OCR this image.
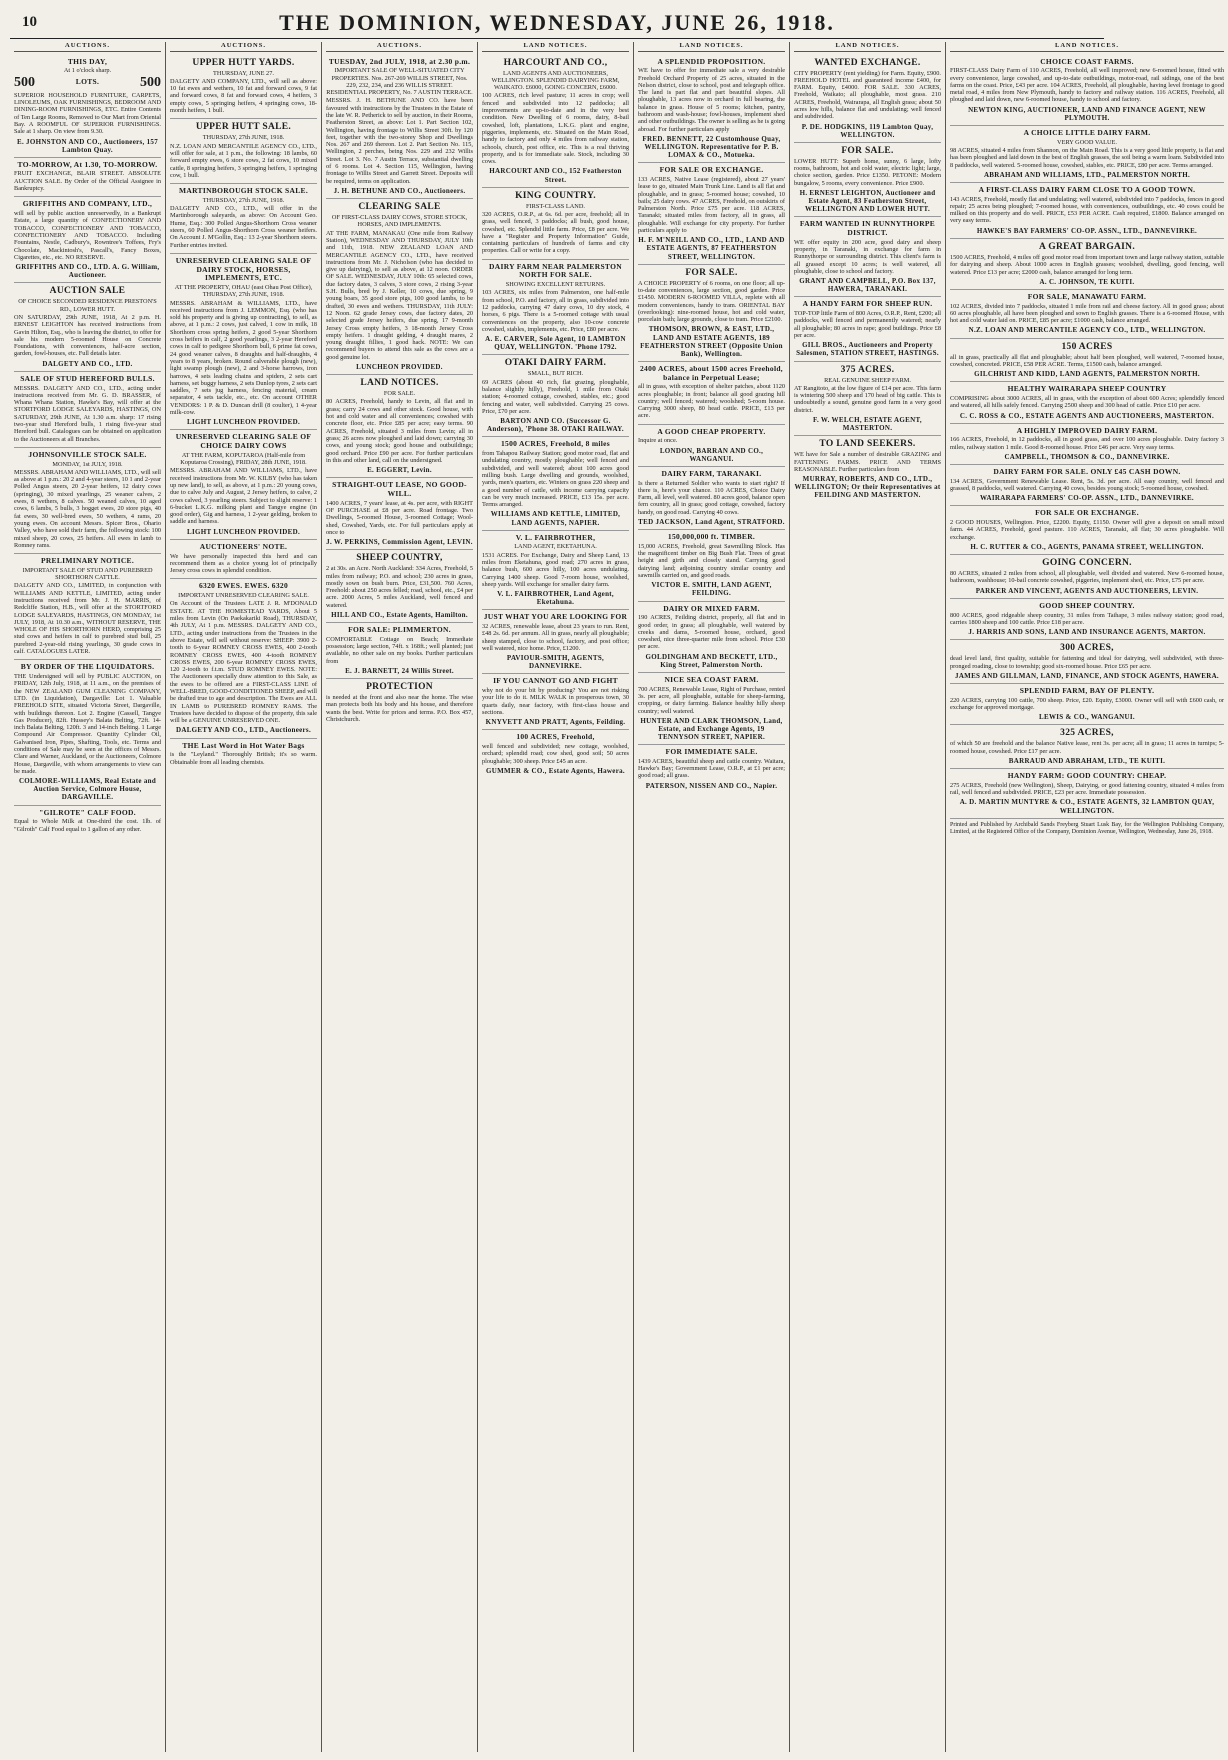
10	THE DOMINION, WEDNESDAY, JUNE 26, 1918.
AUCTIONS.
THIS DAY,
At 1 o'clock sharp.
500	LOTS.	500
SUPERIOR HOUSEHOLD FURNITURE, CARPETS, LINOLEUMS, OAK FURNISHINGS, BEDROOM AND DINING-ROOM FURNISHINGS, ETC. Entire Contents of Ten Large Rooms, Removed to Our Mart from Oriental Bay. A ROOMFUL OF SUPERIOR FURNISHINGS. Sale at 1 sharp. On view from 9.30.
E. JOHNSTON AND CO., Auctioneers, 157 Lambton Quay.
TO-MORROW, At 1.30, TO-MORROW.
FRUIT EXCHANGE, BLAIR STREET. ABSOLUTE AUCTION SALE. By Order of the Official Assignee in Bankruptcy.
GRIFFITHS AND COMPANY, LTD.,
will sell by public auction unreservedly, in a Bankrupt Estate, a large quantity of CONFECTIONERY AND TOBACCO, CONFECTIONERY AND TOBACCO, CONFECTIONERY AND TOBACCO. Including Fountains, Nestle, Cadbury's, Rowntree's Toffees, Fry's Chocolate, Mackintosh's, Pascall's, Fancy Boxes, Cigarettes, etc., etc. NO RESERVE.
GRIFFITHS AND CO., LTD. A. G. William, Auctioneer.
AUCTION SALE
OF CHOICE SECONDED RESIDENCE PRESTON'S RD., LOWER HUTT.
ON SATURDAY, 29th JUNE, 1918, At 2 p.m. H. ERNEST LEIGHTON has received instructions from Gavin Hilton, Esq., who is leaving the district, to offer for sale his modern 5-roomed House on Concrete Foundations, with conveniences, half-acre section, garden, fowl-houses, etc. Full details later.
DALGETY AND CO., LTD.
SALE OF STUD HEREFORD BULLS.
MESSRS. DALGETY AND CO., LTD., acting under instructions received from Mr. G. D. BRASSER, of Whana Whana Station, Hawke's Bay, will offer at the STORTFORD LODGE SALEYARDS, HASTINGS, ON SATURDAY, 29th JUNE, At 1.30 a.m. sharp: 17 rising two-year stud Hereford bulls, 1 rising five-year stud Hereford bull. Catalogues can be obtained on application to the Auctioneers at all Branches.
JOHNSONVILLE STOCK SALE.
MONDAY, 1st JULY, 1918.
MESSRS. ABRAHAM AND WILLIAMS, LTD., will sell as above at 1 p.m.: 20 2 and 4-year steers, 10 1 and 2-year Polled Angus steers, 20 2-year heifers, 12 dairy cows (springing), 30 mixed yearlings, 25 weaner calves, 2 ewes, 8 wethers, 8 calves. 50 weaned calves, 10 aged cows, 6 lambs, 5 bulls, 3 hogget ewes, 20 store pigs, 40 fat ewes, 30 well-bred ewes, 50 wethers, 4 rams, 20 young ewes. On account Messrs. Spicer Bros., Ohario Valley, who have sold their farm, the following stock: 100 mixed sheep, 20 cows, 25 heifers. All ewes in lamb to Romney rams.
PRELIMINARY NOTICE.
IMPORTANT SALE OF STUD AND PUREBRED SHORTHORN CATTLE.
DALGETY AND CO., LIMITED, in conjunction with WILLIAMS AND KETTLE, LIMITED, acting under instructions received from Mr. J. H. MARRIS, of Redcliffe Station, H.B., will offer at the STORTFORD LODGE SALEYARDS, HASTINGS, ON MONDAY, 1st JULY, 1918, At 10.30 a.m., WITHOUT RESERVE, THE WHOLE OF HIS SHORTHORN HERD, comprising 25 stud cows and heifers in calf to purebred stud bull, 25 purebred 2-year-old rising yearlings, 30 grade cows in calf. CATALOGUES LATER.
BY ORDER OF THE LIQUIDATORS.
THE Undersigned will sell by PUBLIC AUCTION, on FRIDAY, 12th July, 1918, at 11 a.m., on the premises of the NEW ZEALAND GUM CLEANING COMPANY, LTD. (in Liquidation), Dargaville: Lot 1. Valuable FREEHOLD SITE, situated Victoria Street, Dargaville, with buildings thereon. Lot 2. Engine (Cassell, Tangye Gas Producer), 82ft. Hussey's Balata Belting, 72ft. 14-inch Balata Belting, 120ft. 3 and 14-inch Belting. 1 Large Compound Air Compressor. Quantity Cylinder Oil, Galvanised Iron, Pipes, Shafting, Tools, etc. Terms and conditions of Sale may be seen at the offices of Messrs. Clare and Warner, Auckland, or the Auctioneers, Colmore House, Dargaville, with whom arrangements to view can be made.
COLMORE-WILLIAMS, Real Estate and Auction Service, Colmore House, DARGAVILLE.
"GILROTE" CALF FOOD.
Equal to Whole Milk at One-third the cost. 1lb. of "Gilroth" Calf Food equal to 1 gallon of any other.
AUCTIONS.
UPPER HUTT YARDS.
THURSDAY, JUNE 27.
DALGETY AND COMPANY, LTD., will sell as above: 10 fat ewes and wethers, 10 fat and forward cows, 9 fat and forward cows, 8 fat and forward cows, 4 heifers, 3 empty cows, 5 springing heifers, 4 springing cows, 18-month heifers, 1 bull.
UPPER HUTT SALE.
THURSDAY, 27th JUNE, 1918.
N.Z. LOAN AND MERCANTILE AGENCY CO., LTD., will offer for sale, at 1 p.m., the following: 18 lambs, 60 forward empty ewes, 6 store cows, 2 fat cows, 10 mixed cattle, 8 springing heifers, 3 springing heifers, 1 springing cow, 1 bull.
MARTINBOROUGH STOCK SALE.
THURSDAY, 27th JUNE, 1918.
DALGETY AND CO., LTD., will offer in the Martinborough saleyards, as above: On Account Geo. Hume, Esq.: 300 Polled Angus-Shorthorn Cross weaner steers, 60 Polled Angus-Shorthorn Cross weaner heifers. On Account J. M'Gollin, Esq.: 13 2-year Shorthorn steers. Further entries invited.
UNRESERVED CLEARING SALE OF DAIRY STOCK, HORSES, IMPLEMENTS, ETC.
AT THE PROPERTY, OHAU (east Ohau Post Office), THURSDAY, 27th JUNE, 1918.
MESSRS. ABRAHAM & WILLIAMS, LTD., have received instructions from J. LEMMON, Esq. (who has sold his property and is giving up contracting), to sell, as above, at 1 p.m.: 2 cows, just calved, 1 cow in milk, 18 Shorthorn cross spring heifers, 2 good 5-year Shorthorn cross heifers in calf, 2 good yearlings, 3 2-year Hereford cows in calf to pedigree Shorthorn bull, 6 prime fat cows, 24 good weaner calves, 8 draughts and half-draughts, 4 years to 8 years, broken. Round calverable plough (new), light swamp plough (new), 2 and 3-horse harrows, iron harrows, 4 sets leading chains and spiders, 2 sets cart harness, set buggy harness, 2 sets Dunlop tyres, 2 sets cart saddles, 7 sets jug harness, fencing material, cream separator, 4 sets tackle, etc., etc. On account OTHER VENDORS: 1 P. & D. Duncan drill (8 coulter), 1 4-year milk-cow.
LIGHT LUNCHEON PROVIDED.
UNRESERVED CLEARING SALE OF CHOICE DAIRY COWS
AT THE FARM, KOPUTAROA (Half-mile from Koputaroa Crossing), FRIDAY, 28th JUNE, 1918.
MESSRS. ABRAHAM AND WILLIAMS, LTD., have received instructions from Mr. W. KILBY (who has taken up new land), to sell, as above, at 1 p.m.: 20 young cows, due to calve July and August, 2 Jersey heifers, to calve, 2 cows calved, 3 yearling steers. Subject to slight reserve: 1 6-bucket L.K.G. milking plant and Tangye engine (in good order), Gig and harness, 1 2-year gelding, broken to saddle and harness.
LIGHT LUNCHEON PROVIDED.
AUCTIONEERS' NOTE.
We have personally inspected this herd and can recommend them as a choice young lot of principally Jersey cross cows in splendid condition.
6320 EWES. EWES. 6320
IMPORTANT UNRESERVED CLEARING SALE.
On Account of the Trustees LATE J. R. M'DONALD ESTATE. AT THE HOMESTEAD YARDS, About 5 miles from Levin (On Paekakariki Road), THURSDAY, 4th JULY, At 1 p.m. MESSRS. DALGETY AND CO., LTD., acting under instructions from the Trustees in the above Estate, will sell without reserve: SHEEP: 3900 2-tooth to 6-year ROMNEY CROSS EWES, 400 2-tooth ROMNEY CROSS EWES, 400 4-tooth ROMNEY CROSS EWES, 200 6-year ROMNEY CROSS EWES, 120 2-tooth to f.t.m. STUD ROMNEY EWES. NOTE: The Auctioneers specially draw attention to this Sale, as the ewes to be offered are a FIRST-CLASS LINE of WELL-BRED, GOOD-CONDITIONED SHEEP, and will be drafted true to age and description. The Ewes are ALL IN LAMB to PUREBRED ROMNEY RAMS. The Trustees have decided to dispose of the property, this sale will be a GENUINE UNRESERVED ONE.
DALGETY AND CO., LTD., Auctioneers.
THE Last Word in Hot Water Bags
is the "Leyland." Thoroughly British; it's so warm. Obtainable from all leading chemists.
AUCTIONS.
TUESDAY, 2nd JULY, 1918, at 2.30 p.m.
IMPORTANT SALE OF WELL-SITUATED CITY PROPERTIES. Nos. 267-269 WILLIS STREET, Nos. 229, 232, 234, and 236 WILLIS STREET. RESIDENTIAL PROPERTY, No. 7 AUSTIN TERRACE.
MESSRS. J. H. BETHUNE AND CO. have been favoured with instructions by the Trustees in the Estate of the late W. R. Petherick to sell by auction, in their Rooms, Featherston Street, as above: Lot 1. Part Section 102, Wellington, having frontage to Willis Street 30ft. by 120 feet, together with the two-storey Shop and Dwellings Nos. 267 and 269 thereon. Lot 2. Part Section No. 115, Wellington, 2 perches, being Nos. 229 and 232 Willis Street. Lot 3. No. 7 Austin Terrace, substantial dwelling of 6 rooms. Lot 4. Section 115, Wellington, having frontage to Willis Street and Garrett Street. Deposits will be required, terms on application.
J. H. BETHUNE AND CO., Auctioneers.
CLEARING SALE
OF FIRST-CLASS DAIRY COWS, STORE STOCK, HORSES, AND IMPLEMENTS.
AT THE FARM, MANAKAU (One mile from Railway Station), WEDNESDAY AND THURSDAY, JULY 10th and 11th, 1918. NEW ZEALAND LOAN AND MERCANTILE AGENCY CO., LTD., have received instructions from Mr. J. Nicholson (who has decided to give up dairying), to sell as above, at 12 noon. ORDER OF SALE. WEDNESDAY, JULY 10th: 65 selected cows, due factory dates, 3 calves, 3 store cows, 2 rising 3-year S.H. Bulls, bred by J. Keller, 10 cows, due spring, 9 young boars, 35 good store pigs, 100 good lambs, to be drafted, 30 ewes and wethers. THURSDAY, 11th JULY: 12 Noon. 62 grade Jersey cows, due factory dates, 20 selected grade Jersey heifers, due spring, 17 9-month Jersey Cross empty heifers, 3 18-month Jersey Cross empty heifers. 1 draught gelding, 4 draught mares, 2 young draught fillies, 1 good hack. NOTE: We can recommend buyers to attend this sale as the cows are a good genuine lot.
LUNCHEON PROVIDED.
LAND NOTICES.
FOR SALE.
80 ACRES, Freehold, handy to Levin, all flat and in grass; carry 24 cows and other stock. Good house, with hot and cold water and all conveniences; cowshed with concrete floor, etc. Price £85 per acre; easy terms. 90 ACRES, Freehold, situated 3 miles from Levin; all in grass; 26 acres now ploughed and laid down; carrying 30 cows, and young stock; good house and outbuildings; good orchard. Price £90 per acre. For further particulars in this and other land, call on the undersigned.
E. EGGERT, Levin.
STRAIGHT-OUT LEASE, NO GOOD-WILL.
1400 ACRES, 7 years' lease, at 4s. per acre, with RIGHT OF PURCHASE at £8 per acre. Road frontage. Two Dwellings, 5-roomed House, 3-roomed Cottage; Wool-shed, Cowshed, Yards, etc. For full particulars apply at once to
J. W. PERKINS, Commission Agent, LEVIN.
SHEEP COUNTRY,
2 at 30s. an Acre. North Auckland: 334 Acres, Freehold, 5 miles from railway; P.O. and school; 230 acres in grass, mostly sown on bush burn. Price, £31,500. 760 Acres, Freehold: about 250 acres felled; road, school, etc., £4 per acre. 2000 Acres, 5 miles Auckland, well fenced and watered.
HILL AND CO., Estate Agents, Hamilton.
FOR SALE: PLIMMERTON.
COMFORTABLE Cottage on Beach; Immediate possession; large section, 74ft. x 168ft.; well planted; just available, no other sale on my books. Further particulars from
E. J. BARNETT, 24 Willis Street.
PROTECTION
is needed at the front and also near the home. The wise man protects both his body and his house, and therefore wants the best. Write for prices and terms. P.O. Box 457, Christchurch.
LAND NOTICES.
HARCOURT AND CO.,
LAND AGENTS AND AUCTIONEERS, WELLINGTON. SPLENDID DAIRYING FARM, WAIKATO. £6000, GOING CONCERN, £6000.
100 ACRES, rich level pasture; 11 acres in crop; well fenced and subdivided into 12 paddocks; all improvements are up-to-date and in the very best condition. New Dwelling of 6 rooms, dairy, 8-bail cowshed, loft, plantations, L.K.G. plant and engine, piggeries, implements, etc. Situated on the Main Road, handy to factory and only 4 miles from railway station, schools, church, post office, etc. This is a real thriving property, and is for immediate sale. Stock, including 30 cows.
HARCOURT AND CO., 152 Featherston Street.
KING COUNTRY.
FIRST-CLASS LAND.
320 ACRES, O.R.P., at 6s. 6d. per acre, freehold; all in grass, well fenced, 3 paddocks; all bush, good house, cowshed, etc. Splendid little farm. Price, £8 per acre. We have a "Register and Property Information" Guide, containing particulars of hundreds of farms and city properties. Call or write for a copy.
DAIRY FARM NEAR PALMERSTON NORTH FOR SALE.
SHOWING EXCELLENT RETURNS.
103 ACRES, six miles from Palmerston, one half-mile from school, P.O. and factory, all in grass, subdivided into 12 paddocks, carrying 47 dairy cows, 10 dry stock, 4 horses, 6 pigs. There is a 5-roomed cottage with usual conveniences on the property, also 10-cow concrete cowshed, stables, implements, etc. Price, £80 per acre.
A. E. CARVER, Sole Agent, 10 LAMBTON QUAY, WELLINGTON. 'Phone 1792.
OTAKI DAIRY FARM.
SMALL, BUT RICH.
69 ACRES (about 40 rich, flat grazing, ploughable, balance slightly hilly), Freehold, 1 mile from Otaki station; 4-roomed cottage, cowshed, stables, etc.; good fencing and water, well subdivided. Carrying 25 cows. Price, £70 per acre.
BARTON AND CO. (Successor G. Anderson), 'Phone 38. OTAKI RAILWAY.
1500 ACRES, Freehold, 8 miles
from Tahapou Railway Station; good motor road, flat and undulating country, mostly ploughable; well fenced and subdivided, and well watered; about 100 acres good milling bush. Large dwelling and grounds, woolshed, yards, men's quarters, etc. Winters on grass 220 sheep and a good number of cattle, with income carrying capacity can be very much increased. PRICE, £13 15s. per acre. Terms arranged.
WILLIAMS AND KETTLE, LIMITED, LAND AGENTS, NAPIER.
V. L. FAIRBROTHER,
LAND AGENT, EKETAHUNA.
1531 ACRES. For Exchange, Dairy and Sheep Land, 13 miles from Eketahuna, good road; 270 acres in grass, balance bush, 600 acres hilly, 100 acres undulating. Carrying 1400 sheep. Good 7-room house, woolshed, sheep yards. Will exchange for smaller dairy farm.
V. L. FAIRBROTHER, Land Agent, Eketahuna.
JUST WHAT YOU ARE LOOKING FOR
32 ACRES, renewable lease, about 23 years to run. Rent, £48 2s. 6d. per annum. All in grass, nearly all ploughable; sheep stamped, close to school, factory, and post office; well watered, nice home. Price, £1200.
PAVIOUR-SMITH, AGENTS, DANNEVIRKE.
IF YOU CANNOT GO AND FIGHT
why not do your bit by producing? You are not risking your life to do it. MILK WALK in prosperous town, 30 quarts daily, near factory, with first-class house and sections.
KNYVETT AND PRATT, Agents, Feilding.
100 ACRES, Freehold,
well fenced and subdivided; new cottage, woolshed, orchard; splendid road; cow shed, good soil; 50 acres ploughable; 300 sheep. Price £45 an acre.
GUMMER & CO., Estate Agents, Hawera.
LAND NOTICES.
A SPLENDID PROPOSITION.
WE have to offer for immediate sale a very desirable Freehold Orchard Property of 25 acres, situated in the Nelson district, close to school, post and telegraph office. The land is part flat and part beautiful slopes. All ploughable, 13 acres now in orchard in full bearing, the balance in grass. House of 5 rooms; kitchen, pantry, bathroom and wash-house; fowl-houses, implement shed and other outbuildings. The owner is selling as he is going abroad. For further particulars apply
FRED. BENNETT, 22 Customhouse Quay, WELLINGTON. Representative for P. B. LOMAX & CO., Motueka.
FOR SALE OR EXCHANGE.
133 ACRES, Native Lease (registered), about 27 years' lease to go, situated Main Trunk Line. Land is all flat and ploughable, and in grass; 5-roomed house; cowshed, 10 bails; 25 dairy cows. 47 ACRES, Freehold, on outskirts of Palmerston North. Price £75 per acre. 118 ACRES, Taranaki; situated miles from factory, all in grass, all ploughable. Will exchange for city property. For further particulars apply to
H. F. M'NEILL AND CO., LTD., LAND AND ESTATE AGENTS, 87 FEATHERSTON STREET, WELLINGTON.
FOR SALE.
A CHOICE PROPERTY of 6 rooms, on one floor; all up-to-date conveniences, large section, good garden. Price £1450. MODERN 6-ROOMED VILLA, replete with all modern conveniences, handy to tram. ORIENTAL BAY (overlooking): nine-roomed house, hot and cold water, porcelain bath; large grounds, close to tram. Price £2100.
THOMSON, BROWN, & EAST, LTD., LAND AND ESTATE AGENTS, 189 FEATHERSTON STREET (Opposite Union Bank), Wellington.
2400 ACRES, about 1500 acres Freehold, balance in Perpetual Lease;
all in grass, with exception of shelter patches, about 1120 acres ploughable; in front; balance all good grazing hill country; well fenced; watered; woolshed; 5-room house. Carrying 3000 sheep, 80 head cattle. PRICE, £13 per acre.
A GOOD CHEAP PROPERTY.
Inquire at once.
LONDON, BARRAN AND CO., WANGANUI.
DAIRY FARM, TARANAKI.
Is there a Returned Soldier who wants to start right? If there is, here's your chance. 110 ACRES, Choice Dairy Farm, all level, well watered. 80 acres good, balance open fern country, all in grass; good cottage, cowshed, factory handy, on good road. Carrying 40 cows.
TED JACKSON, Land Agent, STRATFORD.
150,000,000 ft. TIMBER.
15,000 ACRES, Freehold, great Sawmilling Block. Has the magnificent timber on Big Bush Flat. Trees of great height and girth and closely stand. Carrying good dairying land; adjoining country similar country and sawmills carried on, and good roads.
VICTOR E. SMITH, LAND AGENT, FEILDING.
DAIRY OR MIXED FARM.
190 ACRES, Feilding district, properly, all flat and in good order, in grass; all ploughable, well watered by creeks and dams, 5-roomed house, orchard, good cowshed, nice three-quarter mile from school. Price £30 per acre.
GOLDINGHAM AND BECKETT, LTD., King Street, Palmerston North.
NICE SEA COAST FARM.
700 ACRES, Renewable Lease, Right of Purchase, rented 3s. per acre, all ploughable, suitable for sheep-farming, cropping, or dairy farming. Balance healthy hilly sheep country; well watered.
HUNTER AND CLARK THOMSON, Land, Estate, and Exchange Agents, 19 TENNYSON STREET, NAPIER.
FOR IMMEDIATE SALE.
1439 ACRES, beautiful sheep and cattle country. Waitara, Hawke's Bay; Government Lease, O.R.P., at £1 per acre; good road; all grass.
PATERSON, NISSEN AND CO., Napier.
LAND NOTICES.
WANTED EXCHANGE.
CITY PROPERTY (rent yielding) for Farm. Equity, £900. FREEHOLD HOTEL and guaranteed income £400, for FARM. Equity, £4000. FOR SALE. 330 ACRES, Freehold, Waikato; all ploughable, most grass. 210 ACRES, Freehold, Wairarapa, all English grass; about 50 acres low hills, balance flat and undulating; well fenced and subdivided.
P. DE. HODGKINS, 119 Lambton Quay, WELLINGTON.
FOR SALE.
LOWER HUTT: Superb home, sunny, 6 large, lofty rooms, bathroom, hot and cold water, electric light; large, choice section, garden. Price £1350. PETONE: Modern bungalow, 5 rooms, every convenience. Price £900.
H. ERNEST LEIGHTON, Auctioneer and Estate Agent, 83 Featherston Street, WELLINGTON AND LOWER HUTT.
FARM WANTED IN RUNNYTHORPE DISTRICT.
WE offer equity in 200 acre, good dairy and sheep property, in Taranaki, in exchange for farm in Runnythorpe or surrounding district. This client's farm is all grassed except 10 acres; is well watered, all ploughable, close to school and factory.
GRANT AND CAMPBELL, P.O. Box 137, HAWERA, TARANAKI.
A HANDY FARM FOR SHEEP RUN.
TOP-TOP little Farm of 800 Acres, O.R.P., Rent, £200; all paddocks, well fenced and permanently watered; nearly all ploughable; 80 acres in rape; good buildings. Price £8 per acre.
GILL BROS., Auctioneers and Property Salesmen, STATION STREET, HASTINGS.
375 ACRES.
REAL GENUINE SHEEP FARM.
AT Rangitoto, at the low figure of £14 per acre. This farm is wintering 500 sheep and 170 head of big cattle. This is undoubtedly a sound, genuine good farm in a very good district.
F. W. WELCH, ESTATE AGENT, MASTERTON.
TO LAND SEEKERS.
WE have for Sale a number of desirable GRAZING and FATTENING FARMS. PRICE AND TERMS REASONABLE. Further particulars from
MURRAY, ROBERTS, AND CO., LTD., WELLINGTON; Or their Representatives at FEILDING AND MASTERTON.
LAND NOTICES.
CHOICE COAST FARMS.
FIRST-CLASS Dairy Farm of 110 ACRES, Freehold, all well improved; new 6-roomed house, fitted with every convenience, large cowshed, and up-to-date outbuildings, motor-road, rail sidings, one of the best farms on the coast. Price, £43 per acre. 104 ACRES, Freehold, all ploughable, having level frontage to good metal road, 4 miles from New Plymouth, handy to factory and railway station. 116 ACRES, Freehold, all ploughed and laid down, new 6-roomed house, handy to school and factory.
NEWTON KING, AUCTIONEER, LAND AND FINANCE AGENT, NEW PLYMOUTH.
A CHOICE LITTLE DAIRY FARM.
VERY GOOD VALUE.
98 ACRES, situated 4 miles from Shannon, on the Main Road. This is a very good little property, is flat and has been ploughed and laid down in the best of English grasses, the soil being a warm loam. Subdivided into 8 paddocks, well watered. 5-roomed house, cowshed, stables, etc. PRICE, £80 per acre. Terms arranged.
ABRAHAM AND WILLIAMS, LTD., PALMERSTON NORTH.
A FIRST-CLASS DAIRY FARM CLOSE TO A GOOD TOWN.
143 ACRES, Freehold, mostly flat and undulating; well watered, subdivided into 7 paddocks, fences in good repair; 25 acres being ploughed; 7-roomed house, with conveniences, outbuildings, etc. 40 cows could be milked on this property and do well. PRICE, £53 PER ACRE. Cash required, £1800. Balance arranged on very easy terms.
HAWKE'S BAY FARMERS' CO-OP. ASSN., LTD., DANNEVIRKE.
A GREAT BARGAIN.
1500 ACRES, Freehold, 4 miles off good motor road from important town and large railway station, suitable for dairying and sheep. About 1000 acres in English grasses; woolshed, dwelling, good fencing, well watered. Price £13 per acre; £2000 cash, balance arranged for long term.
A. C. JOHNSON, TE KUITI.
FOR SALE, MANAWATU FARM.
102 ACRES, divided into 7 paddocks, situated 1 mile from rail and cheese factory. All in good grass; about 60 acres ploughable, all have been ploughed and sown to English grasses. There is a 6-roomed House, with hot and cold water laid on. PRICE, £85 per acre; £1000 cash, balance arranged.
N.Z. LOAN AND MERCANTILE AGENCY CO., LTD., WELLINGTON.
150 ACRES
all in grass, practically all flat and ploughable; about half been ploughed, well watered, 7-roomed house, cowshed, concreted. PRICE, £58 PER ACRE. Terms, £1500 cash, balance arranged.
GILCHRIST AND KIDD, LAND AGENTS, PALMERSTON NORTH.
HEALTHY WAIRARAPA SHEEP COUNTRY
COMPRISING about 3000 ACRES, all in grass, with the exception of about 600 Acres; splendidly fenced and watered, all hills safely fenced. Carrying 2500 sheep and 300 head of cattle. Price £10 per acre.
C. C. ROSS & CO., ESTATE AGENTS AND AUCTIONEERS, MASTERTON.
A HIGHLY IMPROVED DAIRY FARM.
166 ACRES, Freehold, in 12 paddocks, all in good grass, and over 100 acres ploughable. Dairy factory 3 miles, railway station 1 mile. Good 8-roomed house. Price £46 per acre. Very easy terms.
CAMPBELL, THOMSON & CO., DANNEVIRKE.
DAIRY FARM FOR SALE. ONLY £45 CASH DOWN.
134 ACRES, Government Renewable Lease. Rent, 5s. 3d. per acre. All easy country, well fenced and grassed, 8 paddocks, well watered. Carrying 40 cows, besides young stock; 5-roomed house, cowshed.
WAIRARAPA FARMERS' CO-OP. ASSN., LTD., DANNEVIRKE.
FOR SALE OR EXCHANGE.
2 GOOD HOUSES, Wellington. Price, £2200. Equity, £1150. Owner will give a deposit on small mixed farm. 44 ACRES, Freehold, good pasture. 110 ACRES, Taranaki, all flat; 30 acres ploughable. Will exchange.
H. C. RUTTER & CO., AGENTS, PANAMA STREET, WELLINGTON.
GOING CONCERN.
80 ACRES, situated 2 miles from school, all ploughable, well divided and watered. New 6-roomed house, bathroom, washhouse; 10-bail concrete cowshed, piggeries, implement shed, etc. Price, £75 per acre.
PARKER AND VINCENT, AGENTS AND AUCTIONEERS, LEVIN.
GOOD SHEEP COUNTRY.
800 ACRES, good ridgeable sheep country, 31 miles from Taihape, 3 miles railway station; good road, carries 1800 sheep and 100 cattle. Price £18 per acre.
J. HARRIS AND SONS, LAND AND INSURANCE AGENTS, MARTON.
300 ACRES,
dead level land, first quality, suitable for fattening and ideal for dairying, well subdivided, with three-pronged roading, close to township; good six-roomed house. Price £65 per acre.
JAMES AND GILLMAN, LAND, FINANCE, AND STOCK AGENTS, HAWERA.
SPLENDID FARM, BAY OF PLENTY.
220 ACRES, carrying 100 cattle, 700 sheep. Price, £20. Equity, £3000. Owner will sell with £600 cash, or exchange for approved mortgage.
LEWIS & CO., WANGANUI.
325 ACRES,
of which 50 are freehold and the balance Native lease, rent 3s. per acre; all in grass; 11 acres in turnips; 5-roomed house, cowshed. Price £17 per acre.
BARRAUD AND ABRAHAM, LTD., TE KUITI.
HANDY FARM: GOOD COUNTRY: CHEAP.
275 ACRES, Freehold (new Wellington), Sheep, Dairying, or good fattening country, situated 4 miles from rail, well fenced and subdivided. PRICE, £23 per acre. Immediate possession.
A. D. MARTIN MUNTYRE & CO., ESTATE AGENTS, 32 LAMBTON QUAY, WELLINGTON.
Printed and Published by Archibald Sands Freyberg Stuart Lusk Bay, for the Wellington Publishing Company, Limited, at the Registered Office of the Company, Dominion Avenue, Wellington, Wednesday, June 26, 1918.
